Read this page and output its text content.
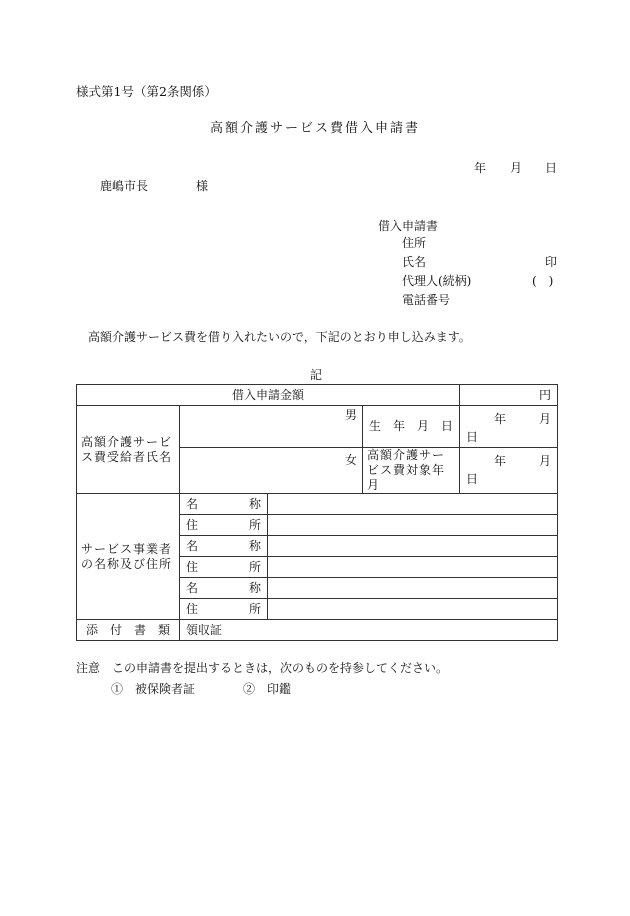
様式第1号（第2条関係）
高額介護サービス費借入申請書
年 月 日
鹿嶋市長	様
借入申請書
住所
氏名	印
代理人(続柄)	(　)
電話番号
高額介護サービス費を借り入れたいので，下記のとおり申し込みます。
記
借入申請金額				円

高額介護サービス費受給者氏名	男		生　年　月　日	年 月
日

	女		高額介護サービス費対象年月	年 月
日

サービス事業者の名称及び住所	名 称			

	住 所			

	名 称			

	住 所			

	名 称			

	住 所			

添　付　書　類	領収証			
注意　この申請書を提出するときは，次のものを持参してください。
①　被保険者証	②　印鑑
